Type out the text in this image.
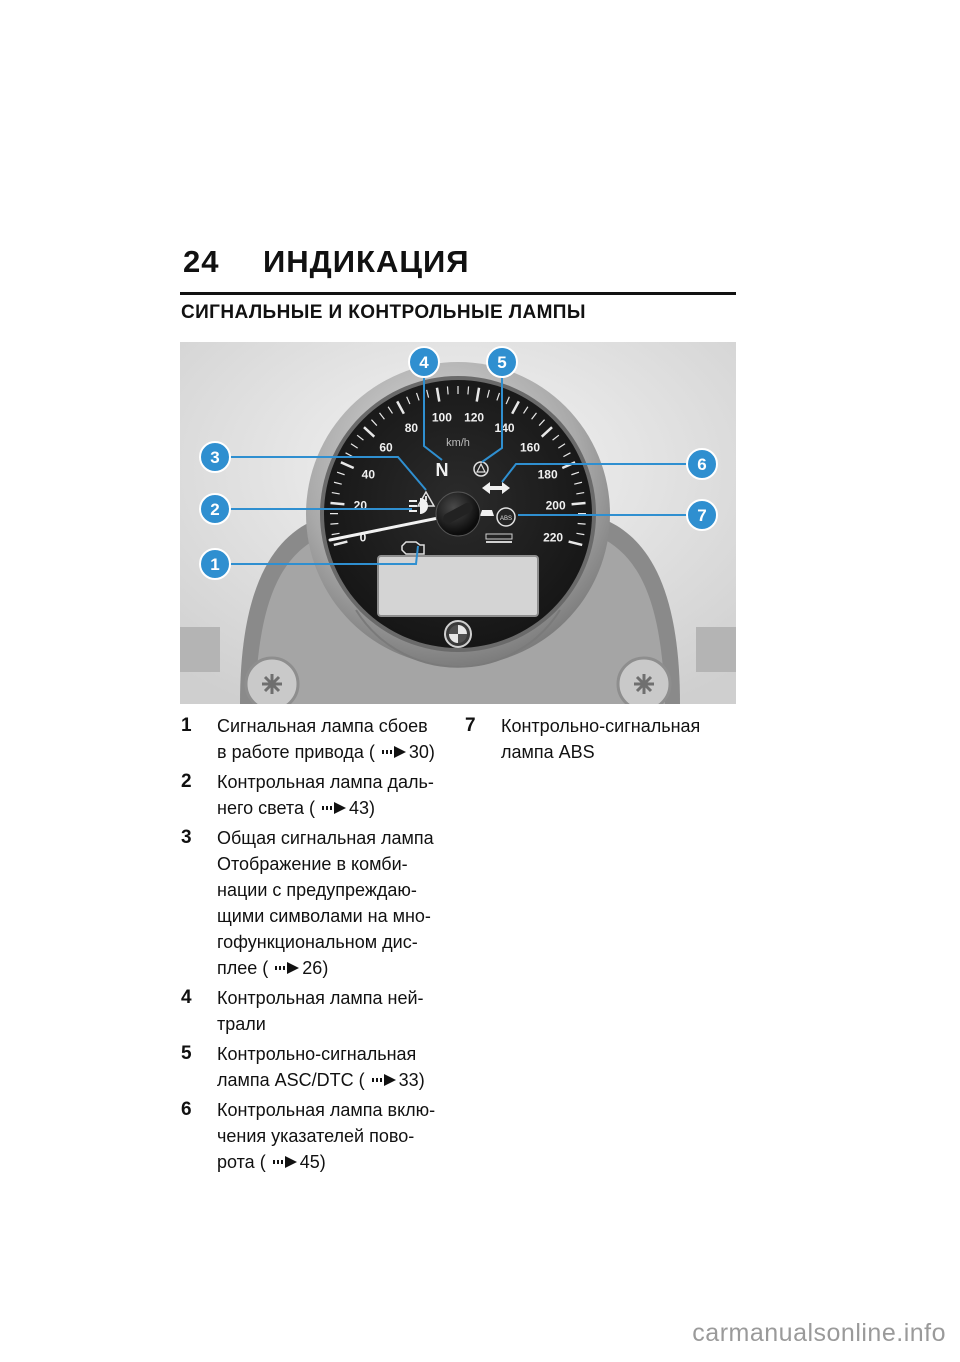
24 ИНДИКАЦИЯ
СИГНАЛЬНЫЕ И КОНТРОЛЬНЫЕ ЛАМПЫ
0
20
40
60
80
100 120
140
160
180
200
220
km/h
N
ABS
1
2
3
4	5
6
7
1	Сигнальная лампа сбоев
в работе привода ( 30)
2	Контрольная лампа даль-
него света ( 43)
3	Общая сигнальная лампа
Отображение в комби-
нации с предупреждаю-
щими символами на мно-
гофункциональном дис-
плее ( 26)
4	Контрольная лампа ней-
трали
5	Контрольно-сигнальная
лампа ASC/DTC ( 33)
6	Контрольная лампа вклю-
чения указателей пово-
рота ( 45)
7	Контрольно-сигнальная
лампа ABS
carmanualsonline.info
